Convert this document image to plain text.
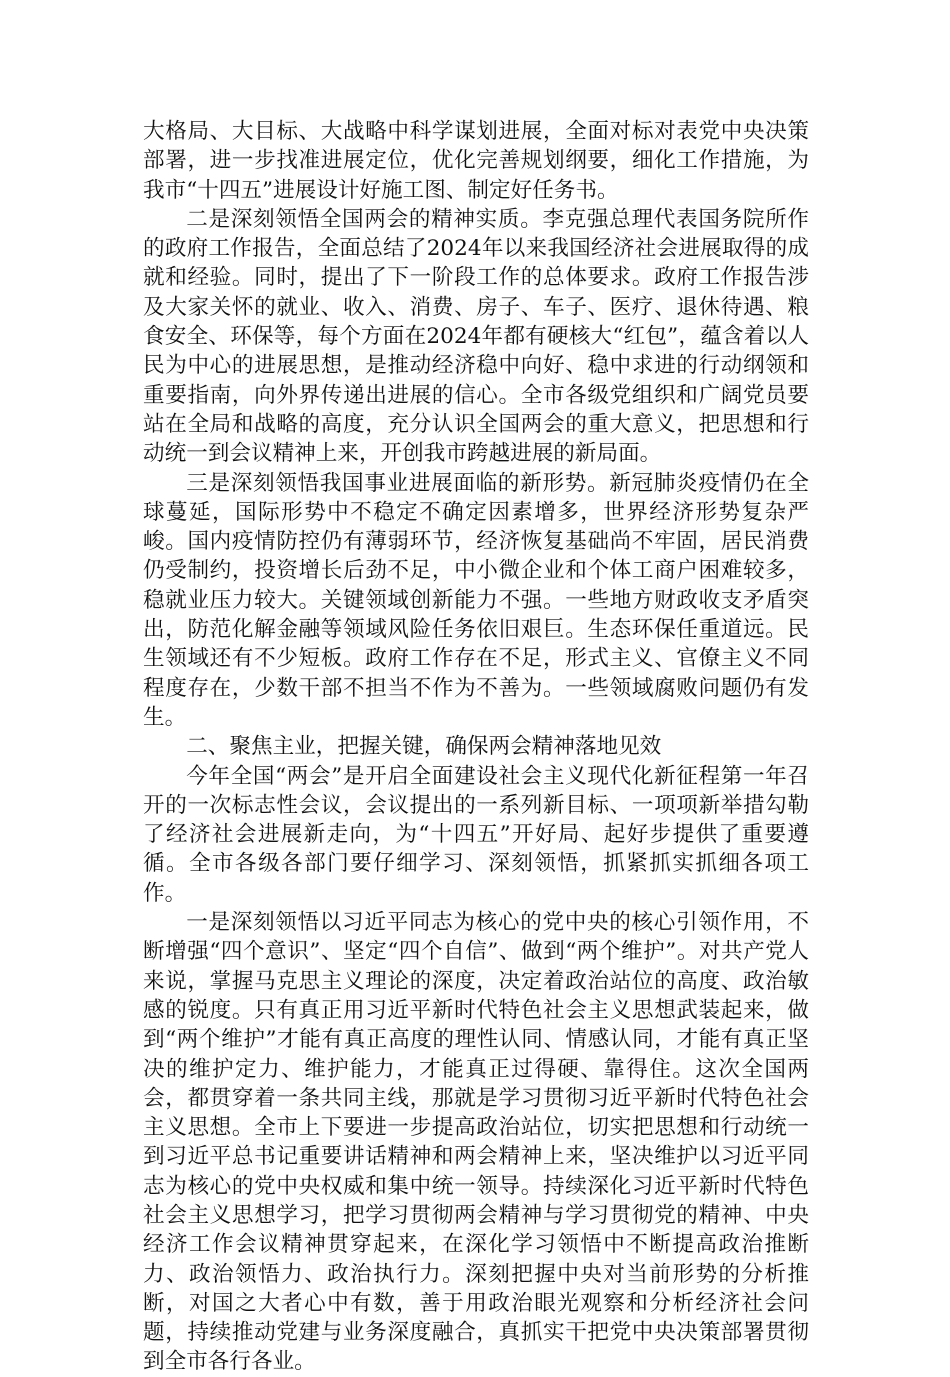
大格局、大目标、大战略中科学谋划进展，全面对标对表党中央决策部署，进一步找准进展定位，优化完善规划纲要，细化工作措施，为我市“十四五”进展设计好施工图、制定好任务书。

二是深刻领悟全国两会的精神实质。李克强总理代表国务院所作的政府工作报告，全面总结了2024年以来我国经济社会进展取得的成就和经验。同时，提出了下一阶段工作的总体要求。政府工作报告涉及大家关怀的就业、收入、消费、房子、车子、医疗、退休待遇、粮食安全、环保等，每个方面在2024年都有硬核大“红包”，蕴含着以人民为中心的进展思想，是推动经济稳中向好、稳中求进的行动纲领和重要指南，向外界传递出进展的信心。全市各级党组织和广阔党员要站在全局和战略的高度，充分认识全国两会的重大意义，把思想和行动统一到会议精神上来，开创我市跨越进展的新局面。

三是深刻领悟我国事业进展面临的新形势。新冠肺炎疫情仍在全球蔓延，国际形势中不稳定不确定因素增多，世界经济形势复杂严峻。国内疫情防控仍有薄弱环节，经济恢复基础尚不牢固，居民消费仍受制约，投资增长后劲不足，中小微企业和个体工商户困难较多，稳就业压力较大。关键领域创新能力不强。一些地方财政收支矛盾突出，防范化解金融等领域风险任务依旧艰巨。生态环保任重道远。民生领域还有不少短板。政府工作存在不足，形式主义、官僚主义不同程度存在，少数干部不担当不作为不善为。一些领域腐败问题仍有发生。

二、聚焦主业，把握关键，确保两会精神落地见效

今年全国“两会”是开启全面建设社会主义现代化新征程第一年召开的一次标志性会议，会议提出的一系列新目标、一项项新举措勾勒了经济社会进展新走向，为“十四五”开好局、起好步提供了重要遵循。全市各级各部门要仔细学习、深刻领悟，抓紧抓实抓细各项工作。

一是深刻领悟以习近平同志为核心的党中央的核心引领作用，不断增强“四个意识”、坚定“四个自信”、做到“两个维护”。对共产党人来说，掌握马克思主义理论的深度，决定着政治站位的高度、政治敏感的锐度。只有真正用习近平新时代特色社会主义思想武装起来，做到“两个维护”才能有真正高度的理性认同、情感认同，才能有真正坚决的维护定力、维护能力，才能真正过得硬、靠得住。这次全国两会，都贯穿着一条共同主线，那就是学习贯彻习近平新时代特色社会主义思想。全市上下要进一步提高政治站位，切实把思想和行动统一到习近平总书记重要讲话精神和两会精神上来，坚决维护以习近平同志为核心的党中央权威和集中统一领导。持续深化习近平新时代特色社会主义思想学习，把学习贯彻两会精神与学习贯彻党的精神、中央经济工作会议精神贯穿起来，在深化学习领悟中不断提高政治推断力、政治领悟力、政治执行力。深刻把握中央对当前形势的分析推断，对国之大者心中有数，善于用政治眼光观察和分析经济社会问题，持续推动党建与业务深度融合，真抓实干把党中央决策部署贯彻到全市各行各业。
